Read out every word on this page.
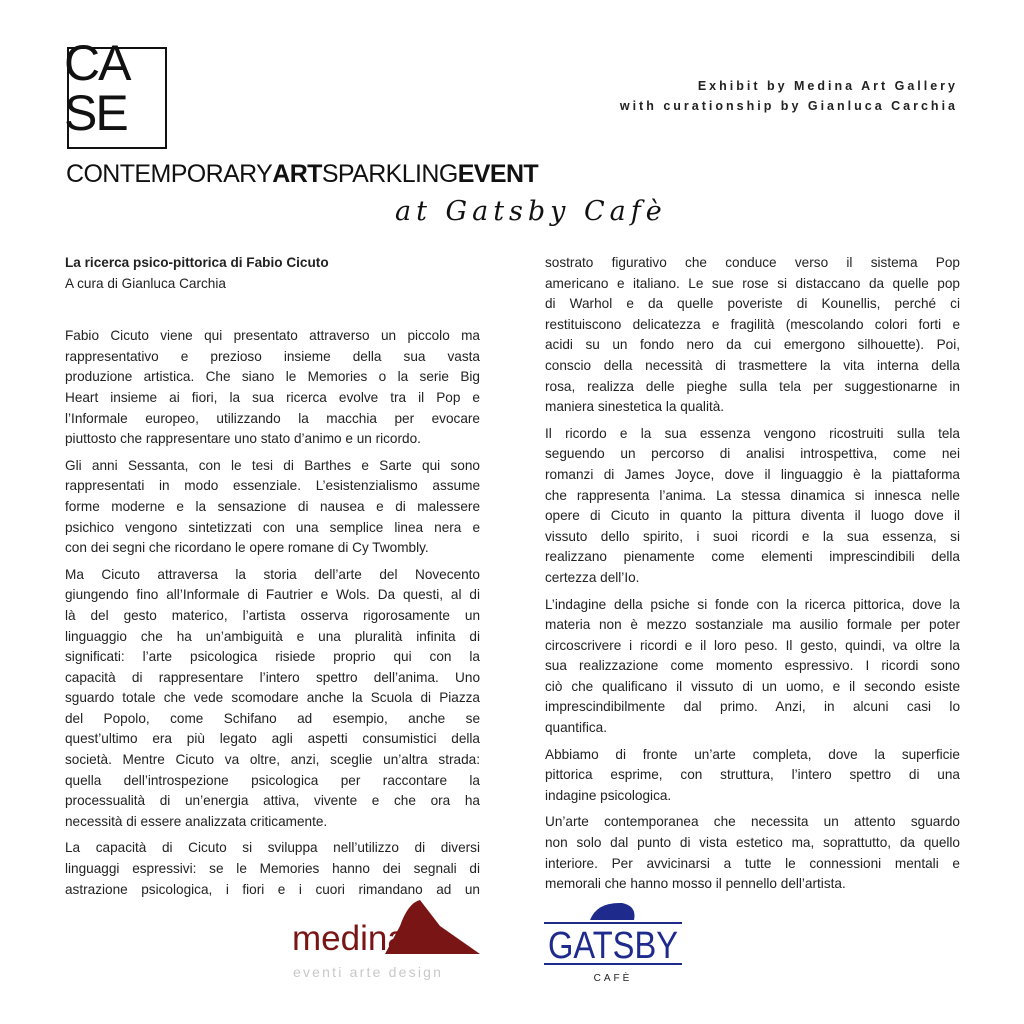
CA
SE
CONTEMPORARYARTSPARKLINGEVENT
at Gatsby Cafè
Exhibit by Medina Art Gallery
with curationship by Gianluca Carchia
La ricerca psico-pittorica di Fabio Cicuto
A cura di Gianluca Carchia
Fabio Cicuto viene qui presentato attraverso un piccolo ma
rappresentativo e prezioso insieme della sua vasta
produzione artistica. Che siano le Memories o la serie Big
Heart insieme ai fiori, la sua ricerca evolve tra il Pop e
l’Informale europeo, utilizzando la macchia per evocare
piuttosto che rappresentare uno stato d’animo e un ricordo.
Gli anni Sessanta, con le tesi di Barthes e Sarte qui sono
rappresentati in modo essenziale. L’esistenzialismo assume
forme moderne e la sensazione di nausea e di malessere
psichico vengono sintetizzati con una semplice linea nera e
con dei segni che ricordano le opere romane di Cy Twombly.
Ma Cicuto attraversa la storia dell’arte del Novecento
giungendo fino all’Informale di Fautrier e Wols. Da questi, al di
là del gesto materico, l’artista osserva rigorosamente un
linguaggio che ha un’ambiguità e una pluralità infinita di
significati: l’arte psicologica risiede proprio qui con la
capacità di rappresentare l’intero spettro dell’anima. Uno
sguardo totale che vede scomodare anche la Scuola di Piazza
del Popolo, come Schifano ad esempio, anche se
quest’ultimo era più legato agli aspetti consumistici della
società. Mentre Cicuto va oltre, anzi, sceglie un’altra strada:
quella dell’introspezione psicologica per raccontare la
processualità di un’energia attiva, vivente e che ora ha
necessità di essere analizzata criticamente.
La capacità di Cicuto si sviluppa nell’utilizzo di diversi
linguaggi espressivi: se le Memories hanno dei segnali di
astrazione psicologica, i fiori e i cuori rimandano ad un
sostrato figurativo che conduce verso il sistema Pop
americano e italiano. Le sue rose si distaccano da quelle pop
di Warhol e da quelle poveriste di Kounellis, perché ci
restituiscono delicatezza e fragilità (mescolando colori forti e
acidi su un fondo nero da cui emergono silhouette). Poi,
conscio della necessità di trasmettere la vita interna della
rosa, realizza delle pieghe sulla tela per suggestionarne in
maniera sinestetica la qualità.
Il ricordo e la sua essenza vengono ricostruiti sulla tela
seguendo un percorso di analisi introspettiva, come nei
romanzi di James Joyce, dove il linguaggio è la piattaforma
che rappresenta l’anima. La stessa dinamica si innesca nelle
opere di Cicuto in quanto la pittura diventa il luogo dove il
vissuto dello spirito, i suoi ricordi e la sua essenza, si
realizzano pienamente come elementi imprescindibili della
certezza dell’Io.
L’indagine della psiche si fonde con la ricerca pittorica, dove la
materia non è mezzo sostanziale ma ausilio formale per poter
circoscrivere i ricordi e il loro peso. Il gesto, quindi, va oltre la
sua realizzazione come momento espressivo. I ricordi sono
ciò che qualificano il vissuto di un uomo, e il secondo esiste
imprescindibilmente dal primo. Anzi, in alcuni casi lo
quantifica.
Abbiamo di fronte un’arte completa, dove la superficie
pittorica esprime, con struttura, l’intero spettro di una
indagine psicologica.
Un’arte contemporanea che necessita un attento sguardo
non solo dal punto di vista estetico ma, soprattutto, da quello
interiore. Per avvicinarsi a tutte le connessioni mentali e
memorali che hanno mosso il pennello dell’artista.
medina
eventi arte design
GATSBY
CAFÈ
